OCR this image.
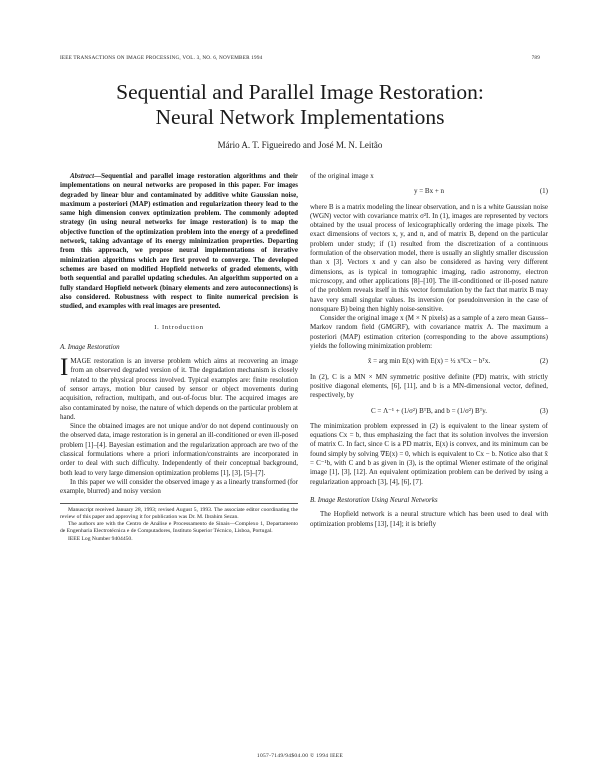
IEEE TRANSACTIONS ON IMAGE PROCESSING, VOL. 3, NO. 6, NOVEMBER 1994	789
Sequential and Parallel Image Restoration:
Neural Network Implementations
Mário A. T. Figueiredo and José M. N. Leitão

Abstract—Sequential and parallel image restoration algorithms and their implementations on neural networks are proposed in this paper. For images degraded by linear blur and contaminated by additive white Gaussian noise, maximum a posteriori (MAP) estimation and regularization theory lead to the same high dimension convex optimization problem. The commonly adopted strategy (in using neural networks for image restoration) is to map the objective function of the optimization problem into the energy of a predefined network, taking advantage of its energy minimization properties. Departing from this approach, we propose neural implementations of iterative minimization algorithms which are first proved to converge. The developed schemes are based on modified Hopfield networks of graded elements, with both sequential and parallel updating schedules. An algorithm supported on a fully standard Hopfield network (binary elements and zero autoconnections) is also considered. Robustness with respect to finite numerical precision is studied, and examples with real images are presented.

I. Introduction
A. Image Restoration

IMAGE restoration is an inverse problem which aims at recovering an image from an observed degraded version of it. The degradation mechanism is closely related to the physical process involved. Typical examples are: finite resolution of sensor arrays, motion blur caused by sensor or object movements during acquisition, refraction, multipath, and out-of-focus blur. The acquired images are also contaminated by noise, the nature of which depends on the particular problem at hand.

Since the obtained images are not unique and/or do not depend continuously on the observed data, image restoration is in general an ill-conditioned or even ill-posed problem [1]–[4]. Bayesian estimation and the regularization approach are two of the classical formulations where a priori information/constraints are incorporated in order to deal with such difficulty. Independently of their conceptual background, both lead to very large dimension optimization problems [1], [3], [5]–[7].

In this paper we will consider the observed image y as a linearly transformed (for example, blurred) and noisy version

Manuscript received January 28, 1993; revised August 5, 1993. The associate editor coordinating the review of this paper and approving it for publication was Dr. M. Ibrahim Sezan.

The authors are with the Centro de Análise e Processamento de Sinais—Complexo 1, Departamento de Engenharia Electrotécnica e de Computadores, Instituto Superior Técnico, Lisboa, Portugal.

IEEE Log Number 9404450.

of the original image x

y = Bx + n	(1)

where B is a matrix modeling the linear observation, and n is a white Gaussian noise (WGN) vector with covariance matrix σ²I. In (1), images are represented by vectors obtained by the usual process of lexicographically ordering the image pixels. The exact dimensions of vectors x, y, and n, and of matrix B, depend on the particular problem under study; if (1) resulted from the discretization of a continuous formulation of the observation model, there is usually an slightly smaller discussion than x [3]. Vectors x and y can also be considered as having very different dimensions, as is typical in tomographic imaging, radio astronomy, electron microscopy, and other applications [8]–[10]. The ill-conditioned or ill-posed nature of the problem reveals itself in this vector formulation by the fact that matrix B may have very small singular values. Its inversion (or pseudoinversion in the case of nonsquare B) being then highly noise-sensitive.

Consider the original image x (M × N pixels) as a sample of a zero mean Gauss–Markov random field (GMGRF), with covariance matrix Λ. The maximum a posteriori (MAP) estimation criterion (corresponding to the above assumptions) yields the following minimization problem:

x̂ = arg min E(x) with E(x) = ½ xᵀCx − bᵀx.	(2)

In (2), C is a MN × MN symmetric positive definite (PD) matrix, with strictly positive diagonal elements, [6], [11], and b is a MN-dimensional vector, defined, respectively, by

C = Λ⁻¹ + (1/σ²) BᵀB, and b = (1/σ²) Bᵀy.	(3)

The minimization problem expressed in (2) is equivalent to the linear system of equations Cx = b, thus emphasizing the fact that its solution involves the inversion of matrix C. In fact, since C is a PD matrix, E(x) is convex, and its minimum can be found simply by solving ∇E(x) = 0, which is equivalent to Cx − b. Notice also that x̂ = C⁻¹b, with C and b as given in (3), is the optimal Wiener estimate of the original image [1], [3], [12]. An equivalent optimization problem can be derived by using a regularization approach [3], [4], [6], [7].

B. Image Restoration Using Neural Networks

The Hopfield network is a neural structure which has been used to deal with optimization problems [13], [14]; it is briefly

1057-7149/94$04.00 © 1994 IEEE
